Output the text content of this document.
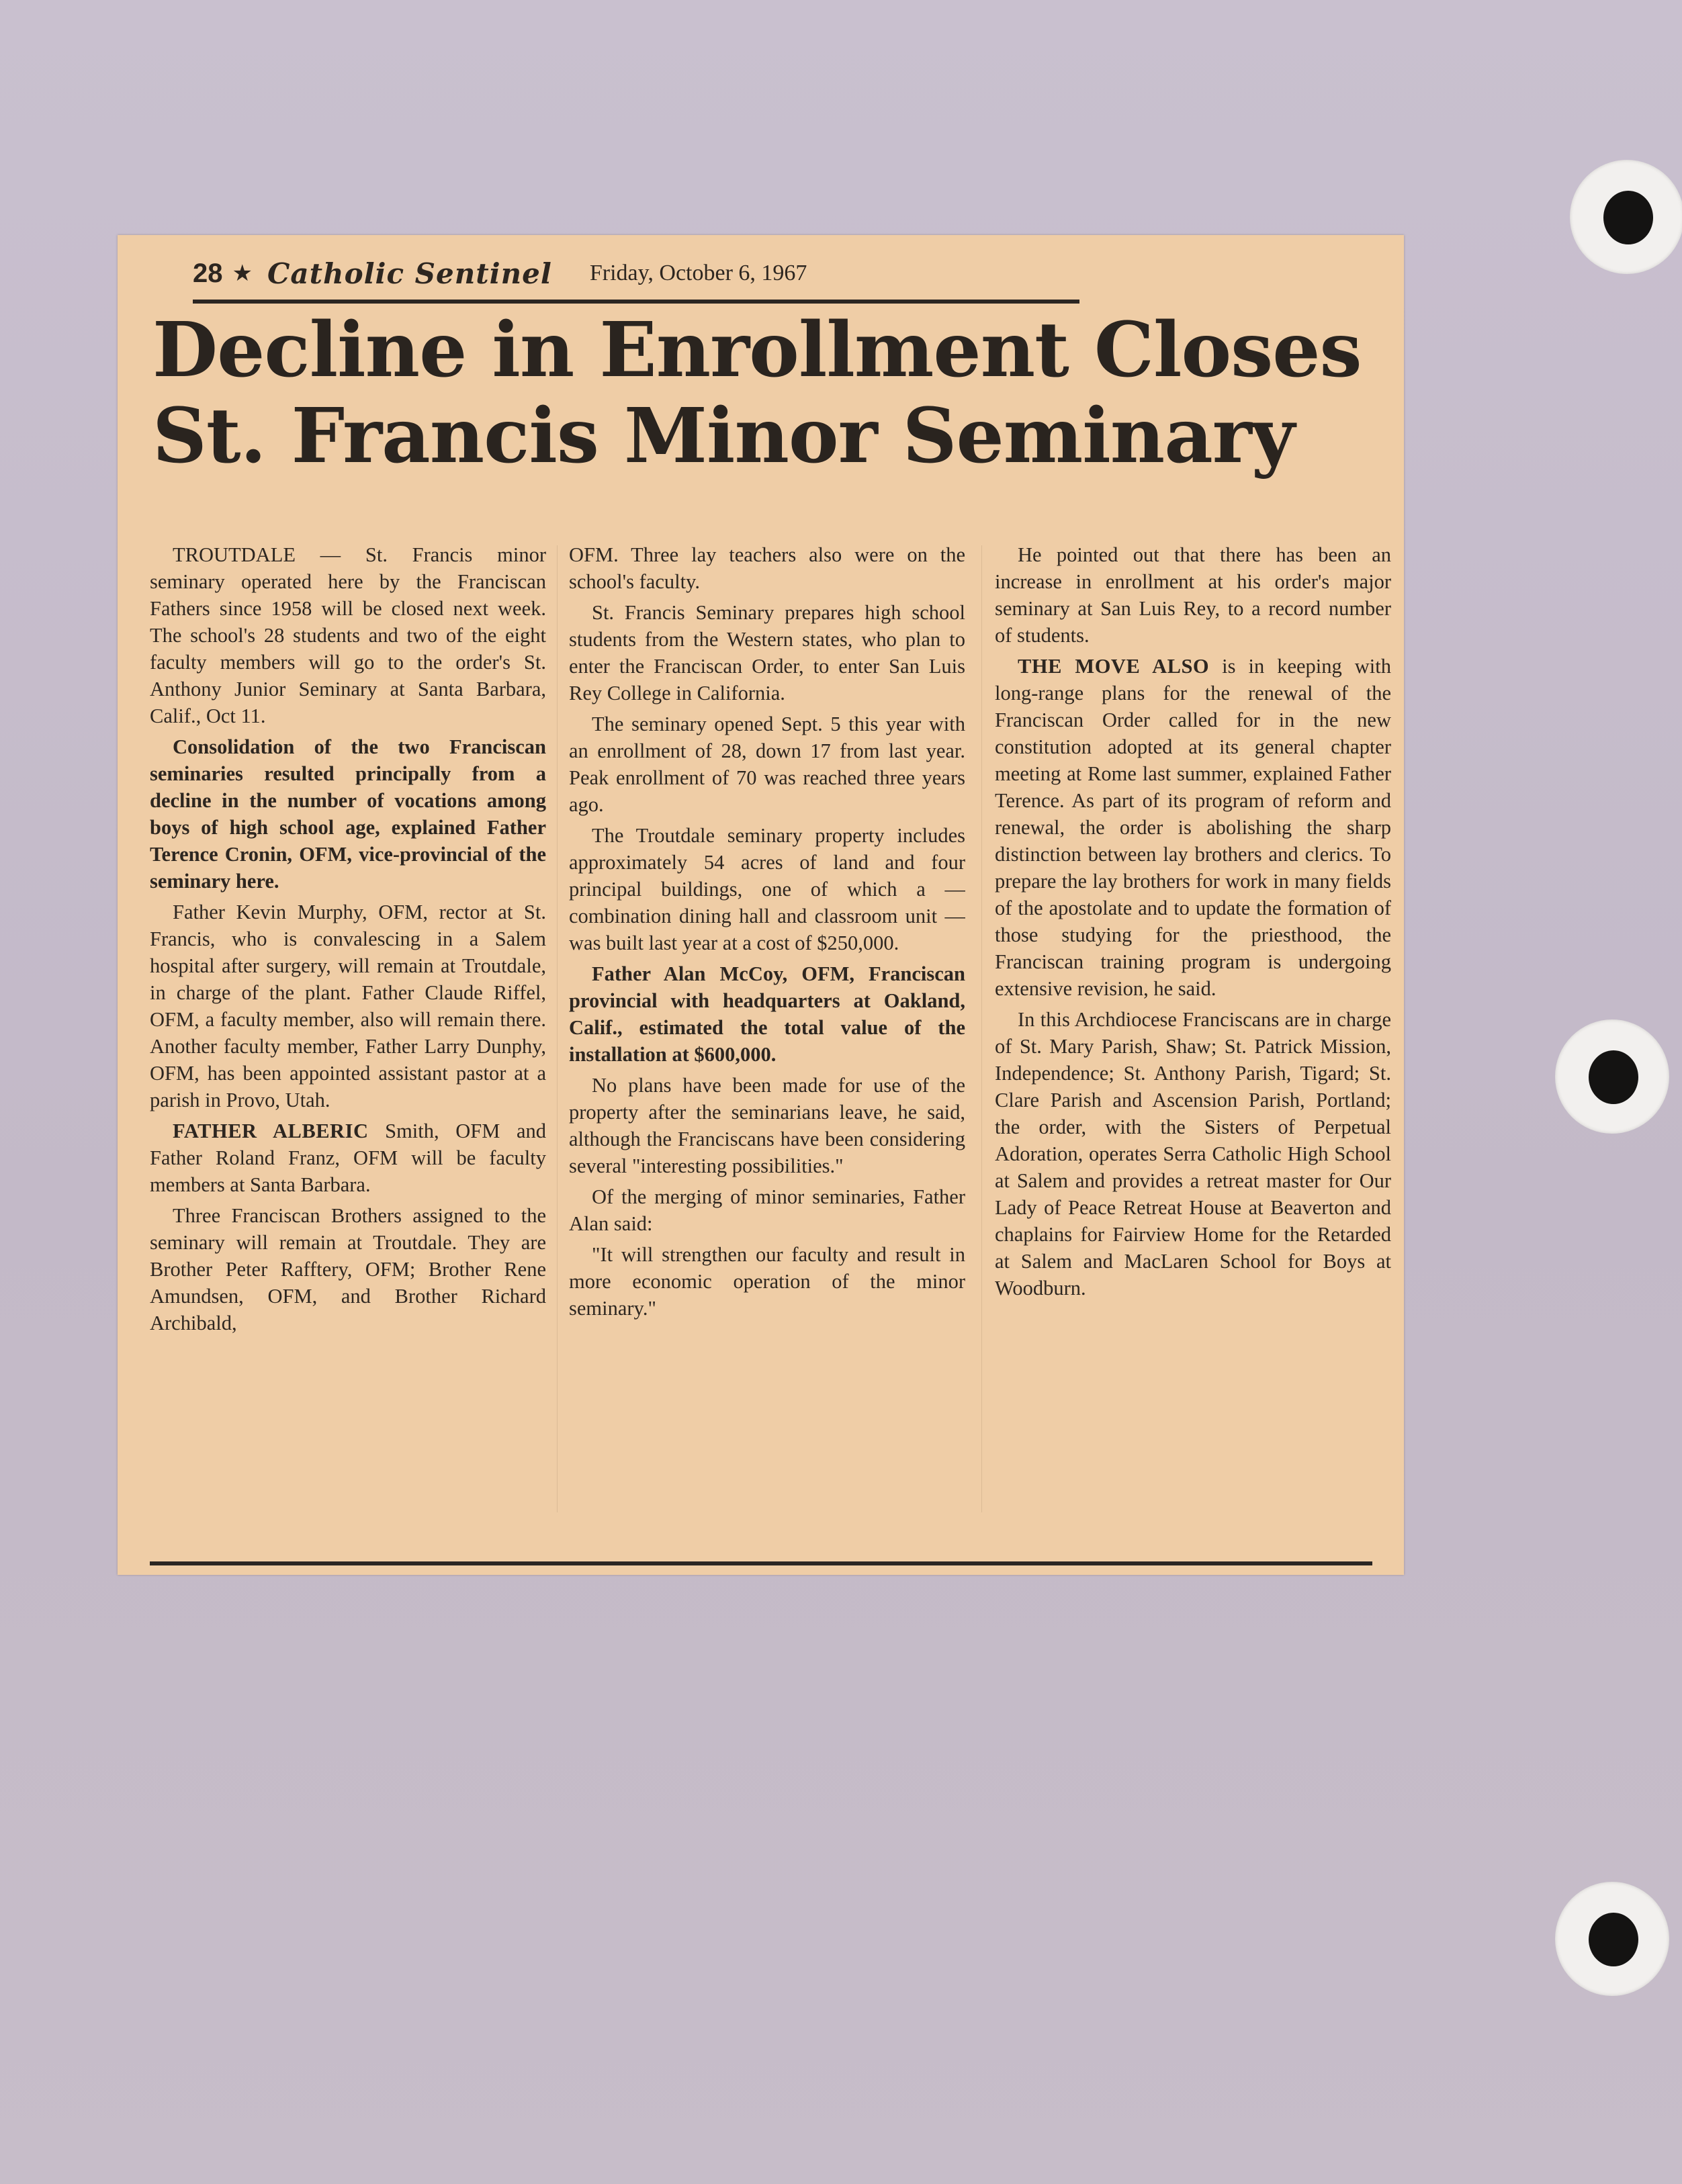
28 ★ Catholic Sentinel Friday, October 6, 1967
Decline in Enrollment Closes
St. Francis Minor Seminary

TROUTDALE — St. Francis minor seminary operated here by the Franciscan Fathers since 1958 will be closed next week. The school's 28 students and two of the eight faculty members will go to the order's St. Anthony Junior Seminary at Santa Barbara, Calif., Oct 11.

Consolidation of the two Franciscan seminaries resulted principally from a decline in the number of vocations among boys of high school age, explained Father Terence Cronin, OFM, vice-provincial of the seminary here.

Father Kevin Murphy, OFM, rector at St. Francis, who is convalescing in a Salem hospital after surgery, will remain at Troutdale, in charge of the plant. Father Claude Riffel, OFM, a faculty member, also will remain there. Another faculty member, Father Larry Dunphy, OFM, has been appointed assistant pastor at a parish in Provo, Utah.

FATHER ALBERIC Smith, OFM and Father Roland Franz, OFM will be faculty members at Santa Barbara.

Three Franciscan Brothers assigned to the seminary will remain at Troutdale. They are Brother Peter Rafftery, OFM; Brother Rene Amundsen, OFM, and Brother Richard Archibald,

OFM. Three lay teachers also were on the school's faculty.

St. Francis Seminary prepares high school students from the Western states, who plan to enter the Franciscan Order, to enter San Luis Rey College in California.

The seminary opened Sept. 5 this year with an enrollment of 28, down 17 from last year. Peak enrollment of 70 was reached three years ago.

The Troutdale seminary property includes approximately 54 acres of land and four principal buildings, one of which a — combination dining hall and classroom unit — was built last year at a cost of $250,000.

Father Alan McCoy, OFM, Franciscan provincial with headquarters at Oakland, Calif., estimated the total value of the installation at $600,000.

No plans have been made for use of the property after the seminarians leave, he said, although the Franciscans have been considering several "interesting possibilities."

Of the merging of minor seminaries, Father Alan said:

"It will strengthen our faculty and result in more economic operation of the minor seminary."

He pointed out that there has been an increase in enrollment at his order's major seminary at San Luis Rey, to a record number of students.

THE MOVE ALSO is in keeping with long-range plans for the renewal of the Franciscan Order called for in the new constitution adopted at its general chapter meeting at Rome last summer, explained Father Terence. As part of its program of reform and renewal, the order is abolishing the sharp distinction between lay brothers and clerics. To prepare the lay brothers for work in many fields of the apostolate and to update the formation of those studying for the priesthood, the Franciscan training program is undergoing extensive revision, he said.

In this Archdiocese Franciscans are in charge of St. Mary Parish, Shaw; St. Patrick Mission, Independence; St. Anthony Parish, Tigard; St. Clare Parish and Ascension Parish, Portland; the order, with the Sisters of Perpetual Adoration, operates Serra Catholic High School at Salem and provides a retreat master for Our Lady of Peace Retreat House at Beaverton and chaplains for Fairview Home for the Retarded at Salem and MacLaren School for Boys at Woodburn.
